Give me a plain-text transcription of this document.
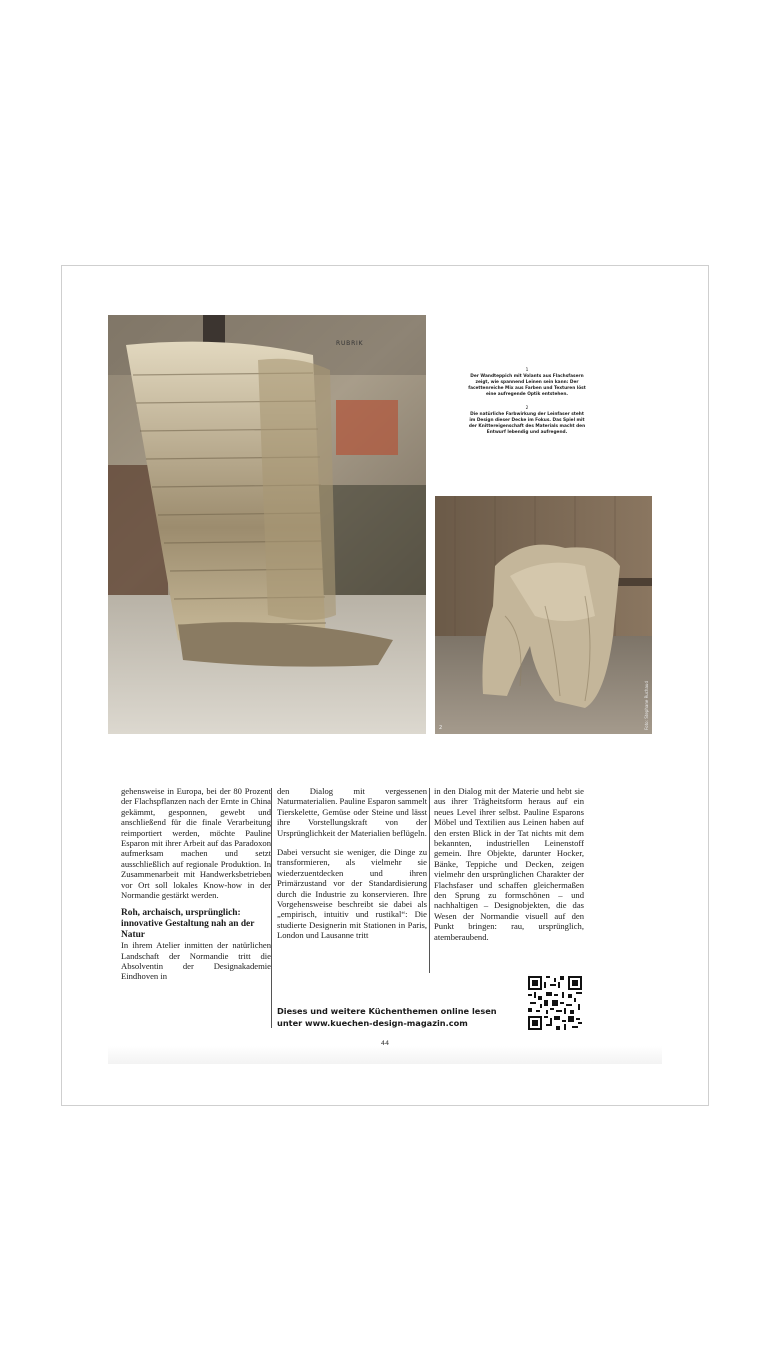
RUBRIK
1
Der Wandteppich mit Volants aus Flachsfasern zeigt, wie spannend Leinen sein kann: Der facettenreiche Mix aus Farben und Texturen löst eine aufregende Optik entstehen.
2
Die natürliche Farbwirkung der Leinfaser steht im Design dieser Decke im Fokus. Das Spiel mit der Knittereigenschaft des Materials macht den Entwurf lebendig und aufregend.
2	Foto: Stephane Ruchaud

gehensweise in Europa, bei der 80 Prozent der Flachspflanzen nach der Ernte in China gekämmt, gesponnen, gewebt und anschließend für die finale Verarbeitung reimportiert werden, möchte Pauline Esparon mit ihrer Arbeit auf das Paradoxon aufmerksam machen und setzt ausschließlich auf regionale Produktion. In Zusammenarbeit mit Handwerksbetrieben vor Ort soll lokales Know-how in der Normandie gestärkt werden.

Roh, archaisch, ursprünglich: innovative Gestaltung nah an der Natur

In ihrem Atelier inmitten der natürlichen Landschaft der Normandie tritt die Absolventin der Designakademie Eindhoven in

den Dialog mit vergessenen Naturmaterialien. Pauline Esparon sammelt Tierskelette, Gemüse oder Steine und lässt ihre Vorstellungskraft von der Ursprünglichkeit der Materialien beflügeln.

Dabei versucht sie weniger, die Dinge zu transformieren, als vielmehr sie wiederzuentdecken und ihren Primärzustand vor der Standardisierung durch die Industrie zu konservieren. Ihre Vorgehensweise beschreibt sie dabei als „empirisch, intuitiv und rustikal“: Die studierte Designerin mit Stationen in Paris, London und Lausanne tritt

in den Dialog mit der Materie und hebt sie aus ihrer Trägheitsform heraus auf ein neues Level ihrer selbst. Pauline Esparons Möbel und Textilien aus Leinen haben auf den ersten Blick in der Tat nichts mit dem bekannten, industriellen Leinenstoff gemein. Ihre Objekte, darunter Hocker, Bänke, Teppiche und Decken, zeigen vielmehr den ursprünglichen Charakter der Flachsfaser und schaffen gleichermaßen den Sprung zu formschönen – und nachhaltigen – Designobjekten, die das Wesen der Normandie visuell auf den Punkt bringen: rau, ursprünglich, atemberaubend.

Dieses und weitere Küchenthemen online lesen
unter www.kuechen-design-magazin.com
44
